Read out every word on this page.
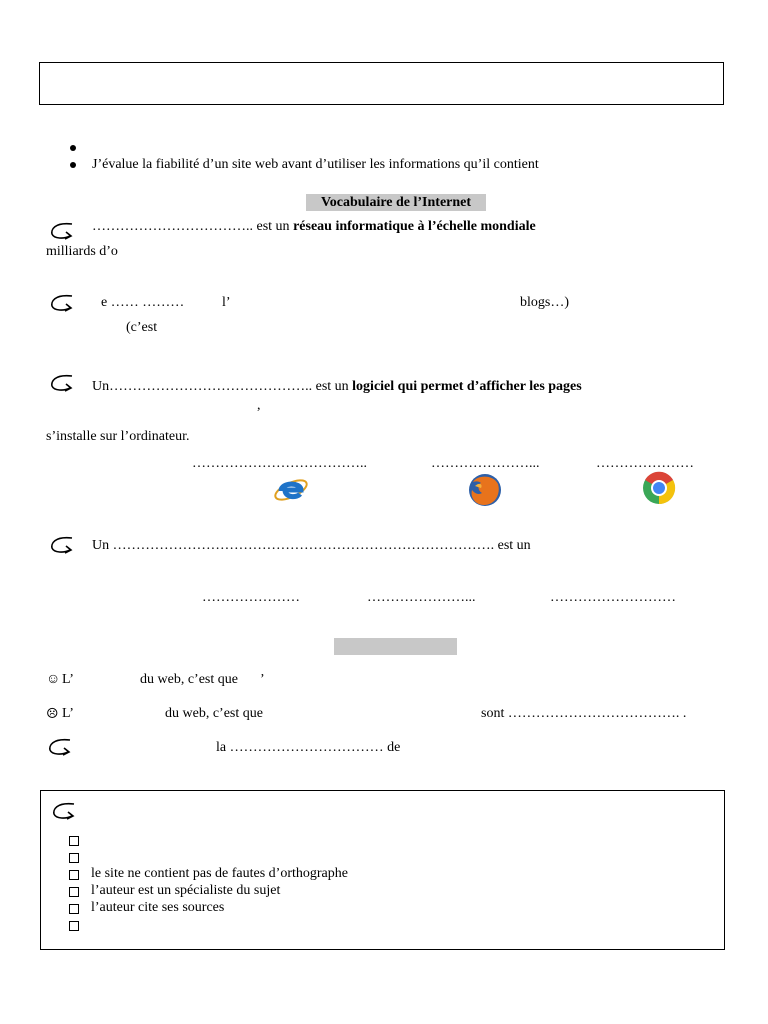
J’évalue la fiabilité d’un site web avant d’utiliser les informations qu’il contient
Vocabulaire de l’Internet
…………………………….. est un réseau informatique à l’échelle mondiale
milliards d’o
e …… ………	l’	blogs…)
(c’est
Un…………………………………….. est un logiciel qui permet d’afficher les pages
,
s’installe sur l’ordinateur.
………………………………..	…………………...	…………………
Un ………………………………………………………………………. est un
…………………	…………………...	………………………
☺ L’	du web, c’est que ’
☹ L’	du web, c’est que	sont ………………………………. .
la …………………………… de
le site ne contient pas de fautes d’orthographe
l’auteur est un spécialiste du sujet
l’auteur cite ses sources
